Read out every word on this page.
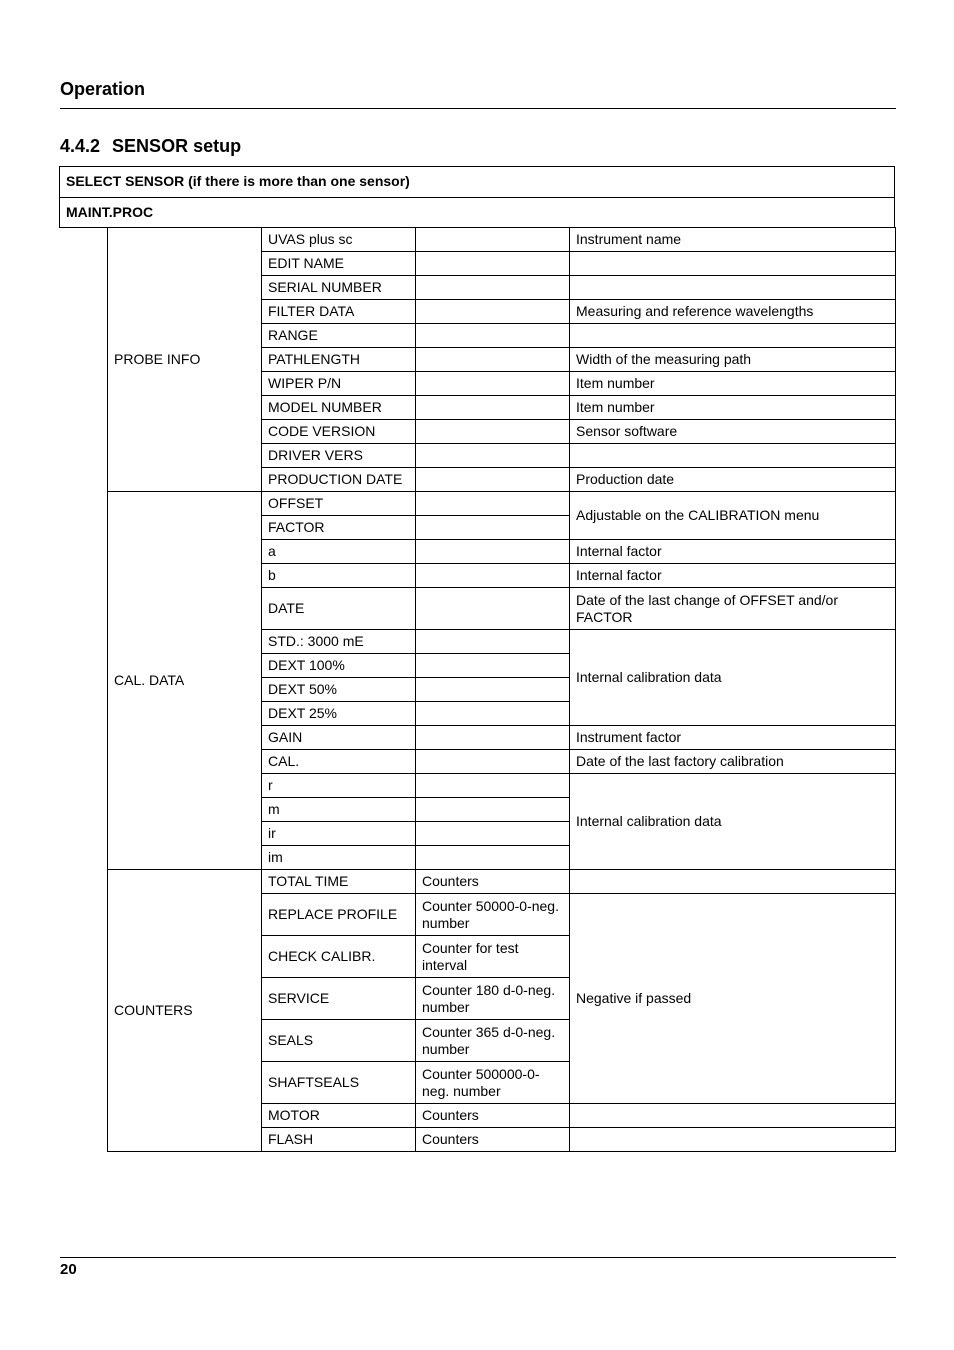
Operation
4.4.2 SENSOR setup
SELECT SENSOR (if there is more than one sensor)
MAINT.PROC
PROBE INFO	UVAS plus sc		Instrument name
	EDIT NAME		
	SERIAL NUMBER		
	FILTER DATA		Measuring and reference wavelengths
	RANGE		
	PATHLENGTH		Width of the measuring path
	WIPER P/N		Item number
	MODEL NUMBER		Item number
	CODE VERSION		Sensor software
	DRIVER VERS		
	PRODUCTION DATE		Production date
CAL. DATA	OFFSET		Adjustable on the CALIBRATION menu
	FACTOR		
	a		Internal factor
	b		Internal factor
	DATE		Date of the last change of OFFSET and/or FACTOR
	STD.: 3000 mE		Internal calibration data
	DEXT 100%		
	DEXT 50%		
	DEXT 25%		
	GAIN		Instrument factor
	CAL.		Date of the last factory calibration
	r		Internal calibration data
	m		
	ir		
	im		
COUNTERS	TOTAL TIME	Counters	
	REPLACE PROFILE	Counter 50000-0-neg. number	Negative if passed
	CHECK CALIBR.	Counter for test interval	
	SERVICE	Counter 180 d-0-neg. number	
	SEALS	Counter 365 d-0-neg. number	
	SHAFTSEALS	Counter 500000-0-neg. number	
	MOTOR	Counters	
	FLASH	Counters	
20
